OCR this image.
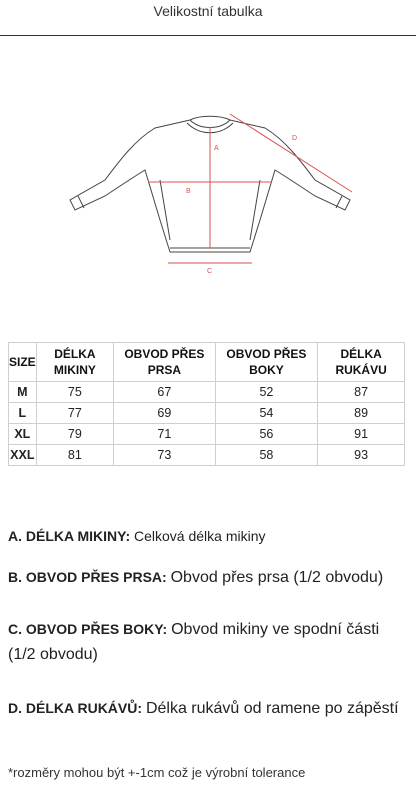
Velikostní tabulka
A
B
C
D
SIZE	DÉLKA MIKINY	OBVOD PŘES PRSA	OBVOD PŘES BOKY	DÉLKA RUKÁVU
M	75	67	52	87
L	77	69	54	89
XL	79	71	56	91
XXL	81	73	58	93
A. DÉLKA MIKINY: Celková délka mikiny
B. OBVOD PŘES PRSA: Obvod přes prsa (1/2 obvodu)
C. OBVOD PŘES BOKY: Obvod mikiny ve spodní části (1/2 obvodu)
D. DÉLKA RUKÁVŮ: Délka rukávů od ramene po zápěstí
*rozměry mohou být +-1cm což je výrobní tolerance
